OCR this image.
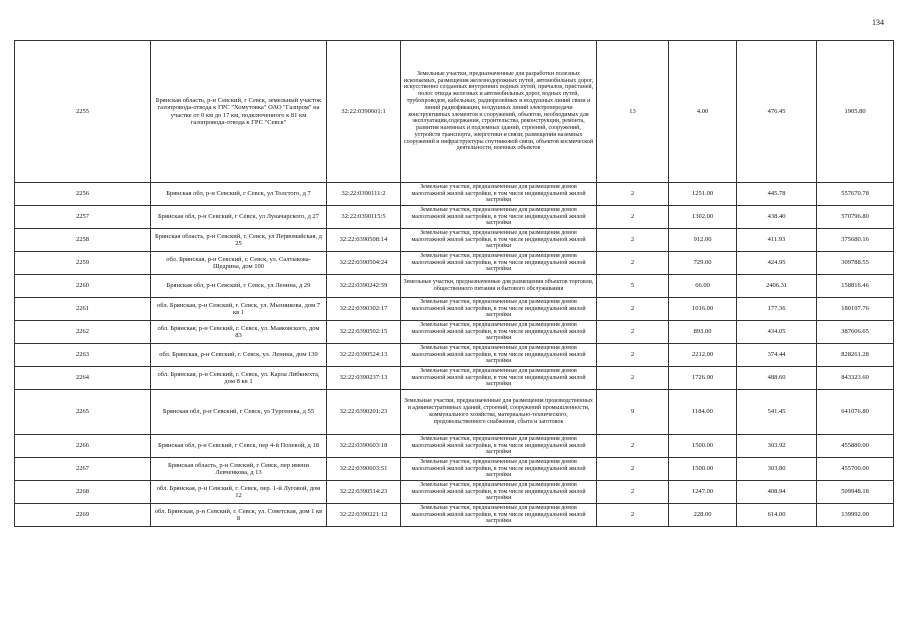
134
2255	Брянская область, р-н Севский, г Севск, земельный участок газопровода-отвода к ГРС "Хомутовка" ОАО "Газпром" на участке от 0 км до 17 км, подключенного к 81 км газопровода-отвода к ГРС "Севск"	32:22:0390601:1	Земельные участки, предназначенные для разработки полезных ископаемых, размещения железнодорожных путей, автомобильных дорог, искусственно созданных внутренних водных путей, причалов, пристаней, полос отвода железных и автомобильных дорог, водных путей, трубопроводов, кабельных, радиорелейных и воздушных линий связи и линий радиофикации, воздушных линий электропередачи конструктивных элементов и сооружений, объектов, необходимых для эксплуатации,содержания, строительства, реконструкции, ремонта, развития наземных и подземных зданий, строений, сооружений, устройств транспорта, энергетики и связи; размещения наземных сооружений и инфраструктуры спутниковой связи, объектов космической деятельности, военных объектов	13	4.00	476.45	1905.80
2256	Брянская обл, р-н Севский, г Севск, ул Толстого, д 7	32:22:0390111:2	Земельные участки, предназначенные для размещения домов малоэтажной жилой застройки, в том числе индивидуальной жилой застройки	2	1251.00	445.78	557670.78
2257	Брянская обл, р-н Севский, г Севск, ул Луначарского, д 27	32:22:0390115:5	Земельные участки, предназначенные для размещения домов малоэтажной жилой застройки, в том числе индивидуальной жилой застройки	2	1302.00	438.40	570796.80
2258	Брянская область, р-н Севский, г. Севск, ул Первомайская, д 25	32:22:0390508:14	Земельные участки, предназначенные для размещения домов малоэтажной жилой застройки, в том числе индивидуальной жилой застройки	2	912.00	411.93	375680.16
2259	обл. Брянская, р-н Севский, г. Севск, ул. Салтыкова-Щедрина, дом 100	32:22:0390504:24	Земельные участки, предназначенные для размещения домов малоэтажной жилой застройки, в том числе индивидуальной жилой застройки	2	729.00	424.95	309788.55
2260	Брянская обл, р-н Севский, г Севск, ул Ленина, д 29	32:22:0390242:59	Земельные участки, предназначенные для размещения объектов торговли, общественного питания и бытового обслуживания	5	66.00	2406.31	158816.46
2261	обл. Брянская, р-н Севский, г. Севск, ул. Мызникова, дом 7 кв 1	32:22:0390302:17	Земельные участки, предназначенные для размещения домов малоэтажной жилой застройки, в том числе индивидуальной жилой застройки	2	1016.00	177.36	180197.76
2262	обл. Брянская, р-н Севский, г. Севск, ул. Маяковского, дом 83	32:22:0390502:15	Земельные участки, предназначенные для размещения домов малоэтажной жилой застройки, в том числе индивидуальной жилой застройки	2	893.00	434.05	387606.65
2263	обл. Брянская, р-н Севский, г. Севск, ул. Ленина, дом 139	32:22:0390524:13	Земельные участки, предназначенные для размещения домов малоэтажной жилой застройки, в том числе индивидуальной жилой застройки	2	2212.00	374.44	828261.28
2264	обл. Брянская, р-н Севский, г. Севск, ул. Карла Либкнехта, дом 8 кв 1	32:22:0390237:13	Земельные участки, предназначенные для размещения домов малоэтажной жилой застройки, в том числе индивидуальной жилой застройки	2	1726.00	488.60	843323.60
2265	Брянская обл, р-н Севский, г Севск, ул Тургенева, д 55	32:22:0390201:23	Земельные участки, предназначенные для размещения производственных и административных зданий, строений, сооружений промышленности, коммунального хозяйства, материально-технического, продовольственного снабжения, сбыта и заготовок	9	1184.00	541.45	641076.80
2266	Брянская обл, р-н Севский, г Севск, пер 4-й Полевой, д 18	32:22:0390603:18	Земельные участки, предназначенные для размещения домов малоэтажной жилой застройки, в том числе индивидуальной жилой застройки	2	1500.00	303.92	455880.00
2267	Брянская область, р-н Севский, г Севск, пер имени Левченкова, д 13	32:22:0390603:51	Земельные участки, предназначенные для размещения домов малоэтажной жилой застройки, в том числе индивидуальной жилой застройки	2	1500.00	303.80	455700.00
2268	обл. Брянская, р-н Севский, г. Севск, пер. 1-й Луговой, дом 12	32:22:0390514:23	Земельные участки, предназначенные для размещения домов малоэтажной жилой застройки, в том числе индивидуальной жилой застройки	2	1247.00	408.94	509948.18
2269	обл. Брянская, р-н Севский, г. Севск, ул. Советская, дом 1 кв 8	32:22:0390221:12	Земельные участки, предназначенные для размещения домов малоэтажной жилой застройки, в том числе индивидуальной жилой застройки	2	228.00	614.00	139992.00
